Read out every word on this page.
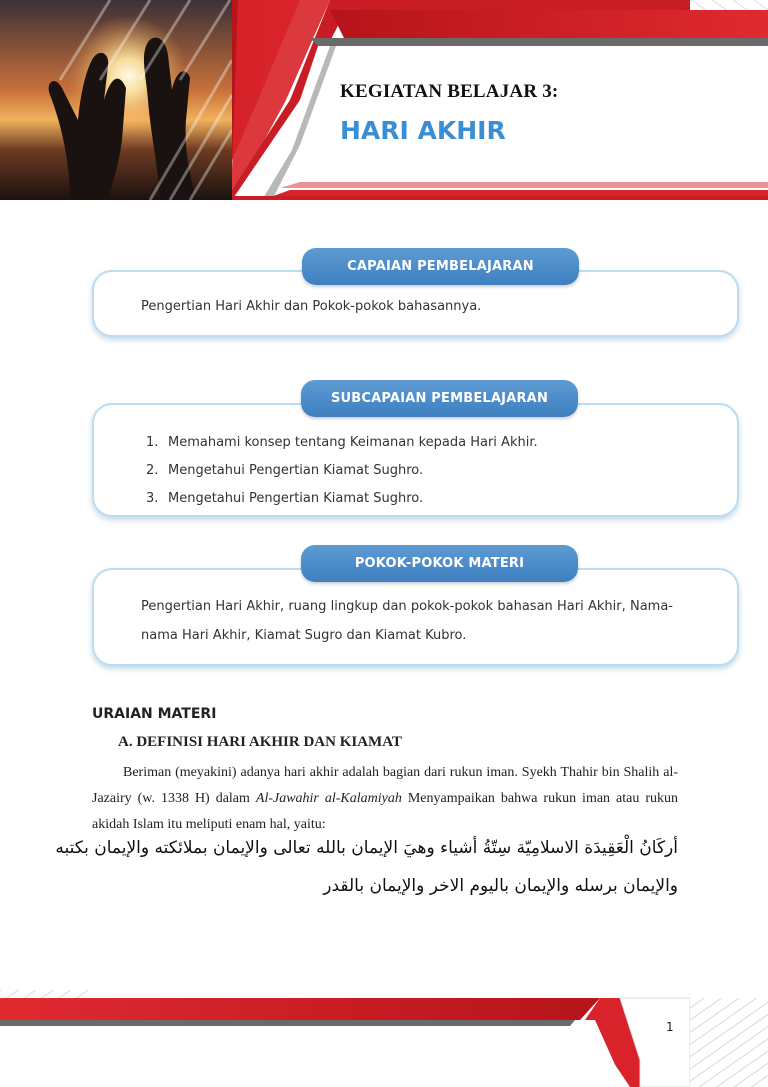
KEGIATAN BELAJAR 3:
HARI AKHIR
Pengertian Hari Akhir dan Pokok-pokok bahasannya.
CAPAIAN PEMBELAJARAN
1. Memahami konsep tentang Keimanan kepada Hari Akhir.
2. Mengetahui Pengertian Kiamat Sughro.
3. Mengetahui Pengertian Kiamat Sughro.
SUBCAPAIAN PEMBELAJARAN
Pengertian Hari Akhir, ruang lingkup dan pokok-pokok bahasan Hari Akhir, Nama-nama Hari Akhir, Kiamat Sugro dan Kiamat Kubro.
POKOK-POKOK MATERI
URAIAN MATERI
A. DEFINISI HARI AKHIR DAN KIAMAT
Beriman (meyakini) adanya hari akhir adalah bagian dari rukun iman. Syekh Thahir bin Shalih al-Jazairy (w. 1338 H) dalam Al-Jawahir al-Kalamiyah Menyampaikan bahwa rukun iman atau rukun akidah Islam itu meliputi enam hal, yaitu:
أركَانُ الْعَقِيدَة الاسلامِيّة سِتّةُ أشياء وهيَ الإيمان بالله تعالى والإيمان بملائكته والإيمان بكتبه
والإيمان برسله والإيمان باليوم الاخر والإيمان بالقدر
1
